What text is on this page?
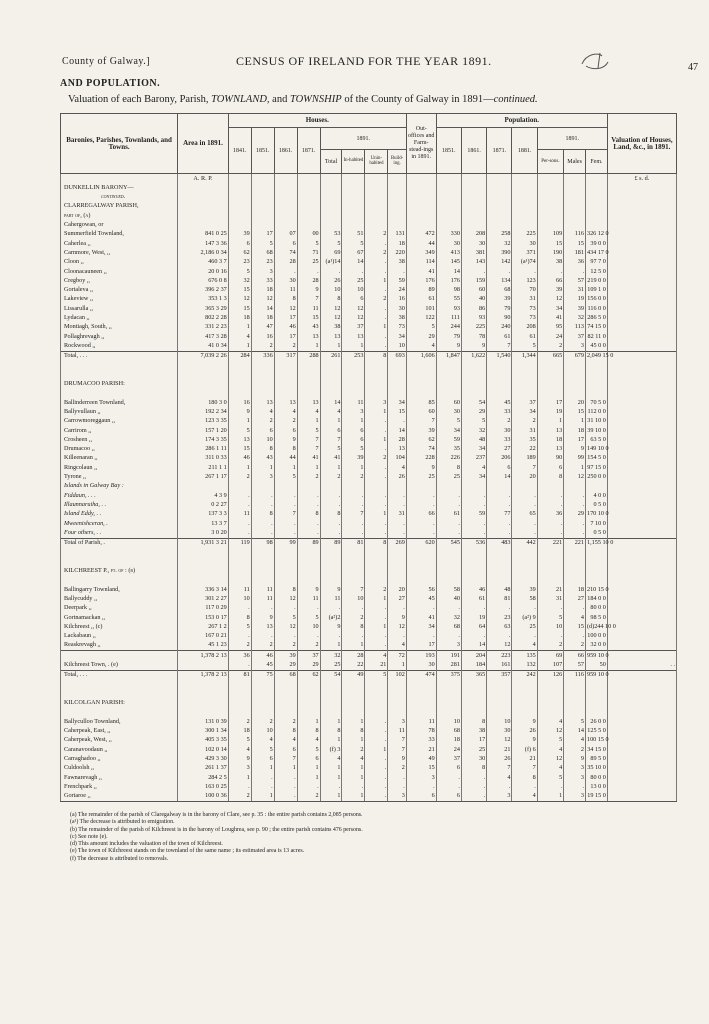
County of Galway.]	CENSUS OF IRELAND FOR THE YEAR 1891.	47
AND POPULATION.
Valuation of each Barony, Parish, TOWNLAND, and TOWNSHIP of the County of Galway in 1891—continued.
Baronies, Parishes, Townlands, and Towns.	Area in 1891.	Houses.								Out-offices and Farm-stead-ings in 1891.	Population.							Valuation of Houses, Land, &c., in 1891.
		1841.	1851.	1861.	1871.	1891.					1851.	1861.	1871.	1881.	1891.			
						Total	In-habited	Unin-habited	Build-ing.						Per-sons.	Males	Fem.	
	A. R. P.																	£ s. d.
DUNKELLIN BARONY—																		
continued.																		
CLARREGALWAY PARISH,																		
part of, (a)																		
Cahergowan, or																		
Summerfield Townland,	841 0 25	39	17	07	00	53	51	2	131	472	330	208	258	225	109	116	326 12 0	
Caherlea ,,	147 3 36	6	5	6	5	5	5	.	18	44	30	30	32	30	15	15	39 0 0	
Carnmore, West, ,,	2,186 0 34	62	68	74	71	69	67	2	220	349	413	381	390	371	190	181	434 17 0	
Cloon ,,	460 3 7	23	23	28	25	(a¹)14	14	.	38	114	145	143	142	(a¹)74	38	36	97 7 0	
Cloonacauneen ,,	20 0 16	5	3	.	.	.	.	.	.	41	14	.	.	.	.	.	12 5 0	
Cregboy ,,	676 0 8	32	33	30	28	26	25	1	59	176	176	159	134	123	66	57	219 0 0	
Gortaleva ,,	396 2 37	15	18	11	9	10	10	.	24	89	98	60	68	70	39	31	109 1 0	
Lakeview ,,	353 1 3	12	12	8	7	8	6	2	16	61	55	40	39	31	12	19	156 0 0	
Lissarulla ,,	365 3 29	15	14	12	11	12	12	.	30	101	93	86	79	73	34	39	116 0 0	
Lydacan ,,	802 2 28	18	18	17	15	12	12	.	38	122	111	93	90	73	41	32	286 5 0	
Montiagh, South, ,,	331 2 23	1	47	46	43	38	37	1	73	5	244	225	240	208	95	113	74 15 0	
Pollaghrevagh ,,	417 3 28	4	16	17	13	13	13	.	34	29	79	78	61	61	24	37	82 11 0	
Rockwood ,,	41 0 34	1	2	2	1	1	1	.	10	4	9	9	7	5	2	3	45 0 0	
Total, . . .	7,039 2 26	284	336	317	288	261	253	8	693	1,606	1,847	1,622	1,540	1,344	665	679	2,049 15 0	

DRUMACOO PARISH:																		

Ballinderreen Townland,	180 3 0	16	13	13	13	14	11	3	34	85	60	54	45	37	17	20	70 5 0	
Ballyvullaun ,,	192 2 34	9	4	4	4	4	3	1	15	60	30	29	33	34	19	15	112 0 0	
Carrowmoreggaun ,,	123 3 35	1	2	2	1	1	1	.	.	7	5	5	2	2	1	1	31 10 0	
Carrirom ,,	157 1 20	5	6	6	5	6	6	.	14	39	34	32	30	31	13	18	39 10 0	
Crosheen ,,	174 3 35	13	10	9	7	7	6	1	28	62	59	48	33	35	18	17	63 5 0	
Drumacoo ,,	286 1 11	15	8	8	7	5	5	.	13	74	35	34	27	22	13	9	149 10 0	
Killeenaran ,,	311 0 33	46	43	44	41	41	39	2	104	228	226	237	206	189	90	99	154 5 0	
Ringcolaun ,,	211 1 1	1	1	1	1	1	1	.	4	9	8	4	6	7	6	1	97 15 0	
Tyrone ,,	267 1 17	2	3	5	2	2	2	.	26	25	25	34	14	20	8	12	250 0 0	
Islands in Galway Bay :																		
Fiddaun, . . .	4 3 9	.	.	.	.	.	.	.	.	.	.	.	.	.	.	.	4 0 0	
Illaunnaruiha, . .	0 2 27	.	.	.	.	.	.	.	.	.	.	.	.	.	.	.	0 5 0	
Island Eddy, . .	137 3 3	11	8	7	8	8	7	1	31	66	61	59	77	65	36	29	170 10 0	
Mweenishceran, .	13 3 7	.	.	.	.	.	.	.	.	.	.	.	.	.	.	.	7 10 0	
Four others, . .	3 0 20	.	.	.	.	.	.	.	.	.	.	.	.	.	.	.	0 5 0	
Total of Parish, .	1,931 3 21	119	98	99	89	89	81	8	269	620	545	536	483	442	221	221	1,155 10 0	

KILCHREEST P., pt. of : (b)																		

Ballingarry Townland,	336 3 14	11	11	8	9	9	7	2	20	56	58	46	48	39	21	18	210 15 0	
Ballycuddy ,,	301 2 27	10	11	12	11	11	10	1	27	45	40	61	81	58	31	27	184 0 0	
Deerpark ,,	117 0 29	.	.	.	.	.	.	.	.	.	.	.	.	.	.	.	80 0 0	
Gortnamackan ,,	153 0 17	8	9	5	5	(a²)2	2	.	9	41	32	19	23	(a²) 9	5	4	98 5 0	
Kilchreest ,, (c)	267 1 2	5	13	12	10	9	8	1	12	34	68	64	63	25	10	15	(d)244 10 0	
Lackabaun ,,	167 0 21	.	.	.	.	.	.	.	.	.	.	.	.	.	.	.	100 0 0	
Reaskrevagh ,,	45 1 23	2	2	2	2	1	1	.	4	17	3	14	12	4	2	2	32 0 0	
	1,378 2 13	36	46	39	37	32	28	4	72	193	191	204	223	135	69	66	959 10 0	
Kilchreest Town, . (e)		.	45	29	29	25	22	21	1	30	281	184	161	132	107	57	50	. .
Total, . . .	1,378 2 13	81	75	68	62	54	49	5	102	474	375	365	357	242	126	116	959 10 0	

KILCOLGAN PARISH:																		

Ballyculloo Townland,	131 0 39	2	2	2	1	1	1	.	3	11	10	8	10	9	4	5	26 0 0	
Caherpeak, East, ,,	300 1 34	18	10	8	8	8	8	.	11	78	68	38	30	26	12	14	125 5 0	
Caherpeak, West, ,,	405 3 35	5	4	4	4	1	1	.	7	33	18	17	12	9	5	4	100 15 0	
Caranavoodaun ,,	102 0 14	4	5	6	5	(f) 3	2	1	7	21	24	25	21	(f) 6	4	2	34 15 0	
Carraghadoo ,,	429 3 30	9	6	7	6	4	4	.	9	49	37	30	26	21	12	9	89 5 0	
Culdoolsh ,,	261 1 37	3	1	1	1	1	1	.	2	15	6	8	7	7	4	3	35 10 0	
Fawnarevagh ,,	284 2 5	1	.	.	1	1	1	.	.	3	.	.	4	8	5	3	80 0 0	
Frenchpark ,,	163 0 25	.	.	.	.	.	.	.	.	.	.	.	.	.	.	.	13 0 0	
Gortaroe ,,	100 0 36	2	1	.	2	1	1	.	3	6	6	.	3	4	1	3	19 15 0	
(a) The remainder of the parish of Claregalway is in the barony of Clare, see p. 35 : the entire parish contains 2,085 persons.
(a¹) The decrease is attributed to emigration.
(b) The remainder of the parish of Kilchreest is in the barony of Loughrea, see p. 90 ; the entire parish contains 476 persons.
(c) See note (e).
(d) This amount includes the valuation of the town of Kilchreest.
(e) The town of Kilchreest stands on the townland of the same name ; its estimated area is 13 acres.
(f) The decrease is attributed to removals.
